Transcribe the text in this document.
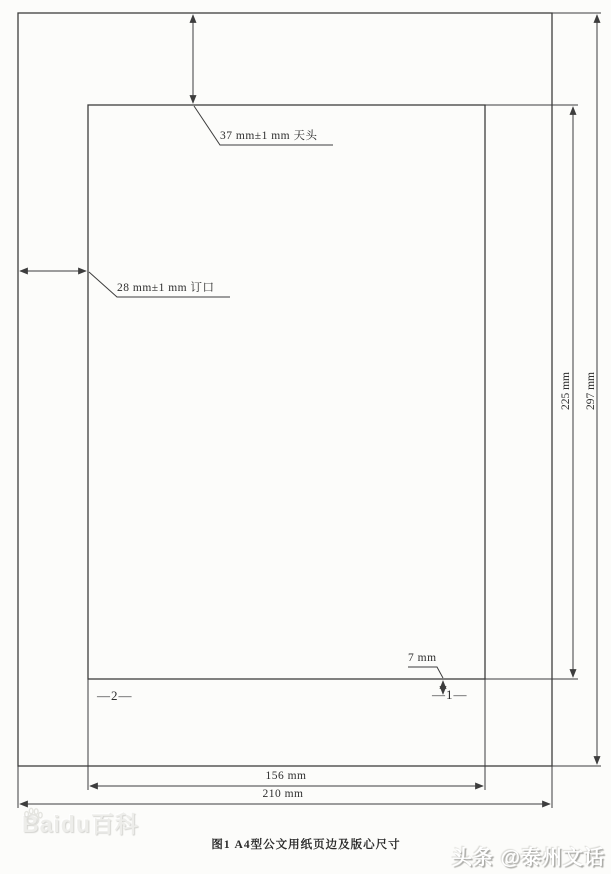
37 mm±1 mm 天头
28 mm±1 mm 订口
225 mm 297 mm
7 mm
—1—
—2—
156 mm
210 mm
图1 A4型公文用纸页边及版心尺寸
Baidu百科
头条 @泰州文话
